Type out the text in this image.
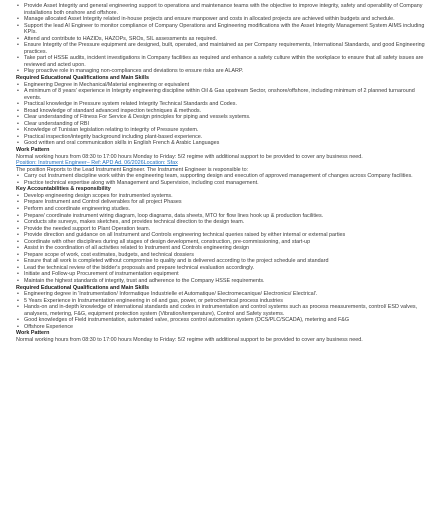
• Provide Asset Integrity and general engineering support to operations and maintenance teams with the objective to improve integrity, safety and operability of Company installations both onshore and offshore.
• Manage allocated Asset Integrity related in-house projects and ensure manpower and costs in allocated projects are achieved within budgets and schedule.
• Support the lead AI Engineer to monitor compliance of Company Operations and Engineering modifications with the Asset Integrity Management System AIMS including KPIs.
• Attend and contribute to HAZIDs, HAZOPs, SROs, SIL assessments as required.
• Ensure Integrity of the Pressure equipment are designed, built, operated, and maintained as per Company requirements, International Standards, and good Engineering practices.
• Take part of HSSE audits, incident investigations in Company facilities as required and enhance a safety culture within the workplace to ensure that all safety issues are reviewed and acted upon.
• Play proactive role in managing non-compliances and deviations to ensure risks are ALARP.
Required Educational Qualifications and Main Skills
• Engineering Degree in Mechanical/Material engineering or equivalent
• A minimum of 8 years' experience in Integrity engineering discipline within Oil & Gas upstream Sector, onshore/offshore, including minimum of 2 planned turnaround events.
• Practical knowledge in Pressure system related Integrity Technical Standards and Codes.
• Broad knowledge of standard advanced inspection techniques & methods.
• Clear understanding of Fitness For Service & Design principles for piping and vessels systems.
• Clear understanding of RBI
• Knowledge of Tunisian legislation relating to integrity of Pressure system.
• Practical inspection/integrity background including plant-based experience.
• Good written and oral communication skills in English French & Arabic Languages
Work Pattern
Normal working hours from 08:30 to 17:00 hours Monday to Friday: 5/2 regime with additional support to be provided to cover any business need.
Position: Instrument Engineer– Ref: APD Ad. 06/2026Location: Sfax
The position Reports to the Lead Instrument Engineer. The Instrument Engineer is responsible to:
• Carry out Instrument discipline work within the engineering team, supporting design and execution of approved management of changes across Company facilities.
• Practice technical expertise along with Management and Supervision, including cost management.
Key Accountabilities & responsibility
• Develop engineering design scopes for instrumented systems.
• Prepare Instrument and Control deliverables for all project Phases
• Perform and coordinate engineering studies.
• Prepare/ coordinate instrument wiring diagram, loop diagrams, data sheets, MTO for flow lines hook up & production facilities.
• Conducts site surveys, makes sketches, and provides technical direction to the design team.
• Provide the needed support to Plant Operation team.
• Provide direction and guidance on all Instrument and Controls engineering technical queries raised by either internal or external parties
• Coordinate with other disciplines during all stages of design development, construction, pre-commissioning, and start-up
• Assist in the coordination of all activities related to Instrument and Controls engineering design
• Prepare scope of work, cost estimates, budgets, and technical dossiers
• Ensure that all work is completed without compromise to quality and is delivered according to the project schedule and standard
• Lead the technical review of the bidder's proposals and prepare technical evaluation accordingly.
• Initiate and Follow-up Procurement of instrumentation equipment
• Maintain the highest standards of integrity, trust and adherence to the Company HSSE requirements.
Required Educational Qualifications and Main Skills
• Engineering degree in 'Instrumentation/ Informatique Industrielle et Automatique/ Electromecanique/ Electronics/ Electrical'.
• 5 Years Experience in Instrumentation engineering in oil and gas, power, or petrochemical process industries
• Hands-on and in-depth knowledge of international standards and codes in instrumentation and control systems such as process measurements, control/ ESD valves, analysers, metering, F&G, equipment protection system (Vibration/temperature), Control and Safety systems.
• Good knowledges of Field instrumentation, automated valve, process control automation system (DCS/PLC/SCADA), metering and F&G
• Offshore Experience
Work Pattern
Normal working hours from 08:30 to 17:00 hours Monday to Friday: 5/2 regime with additional support to be provided to cover any business need.
